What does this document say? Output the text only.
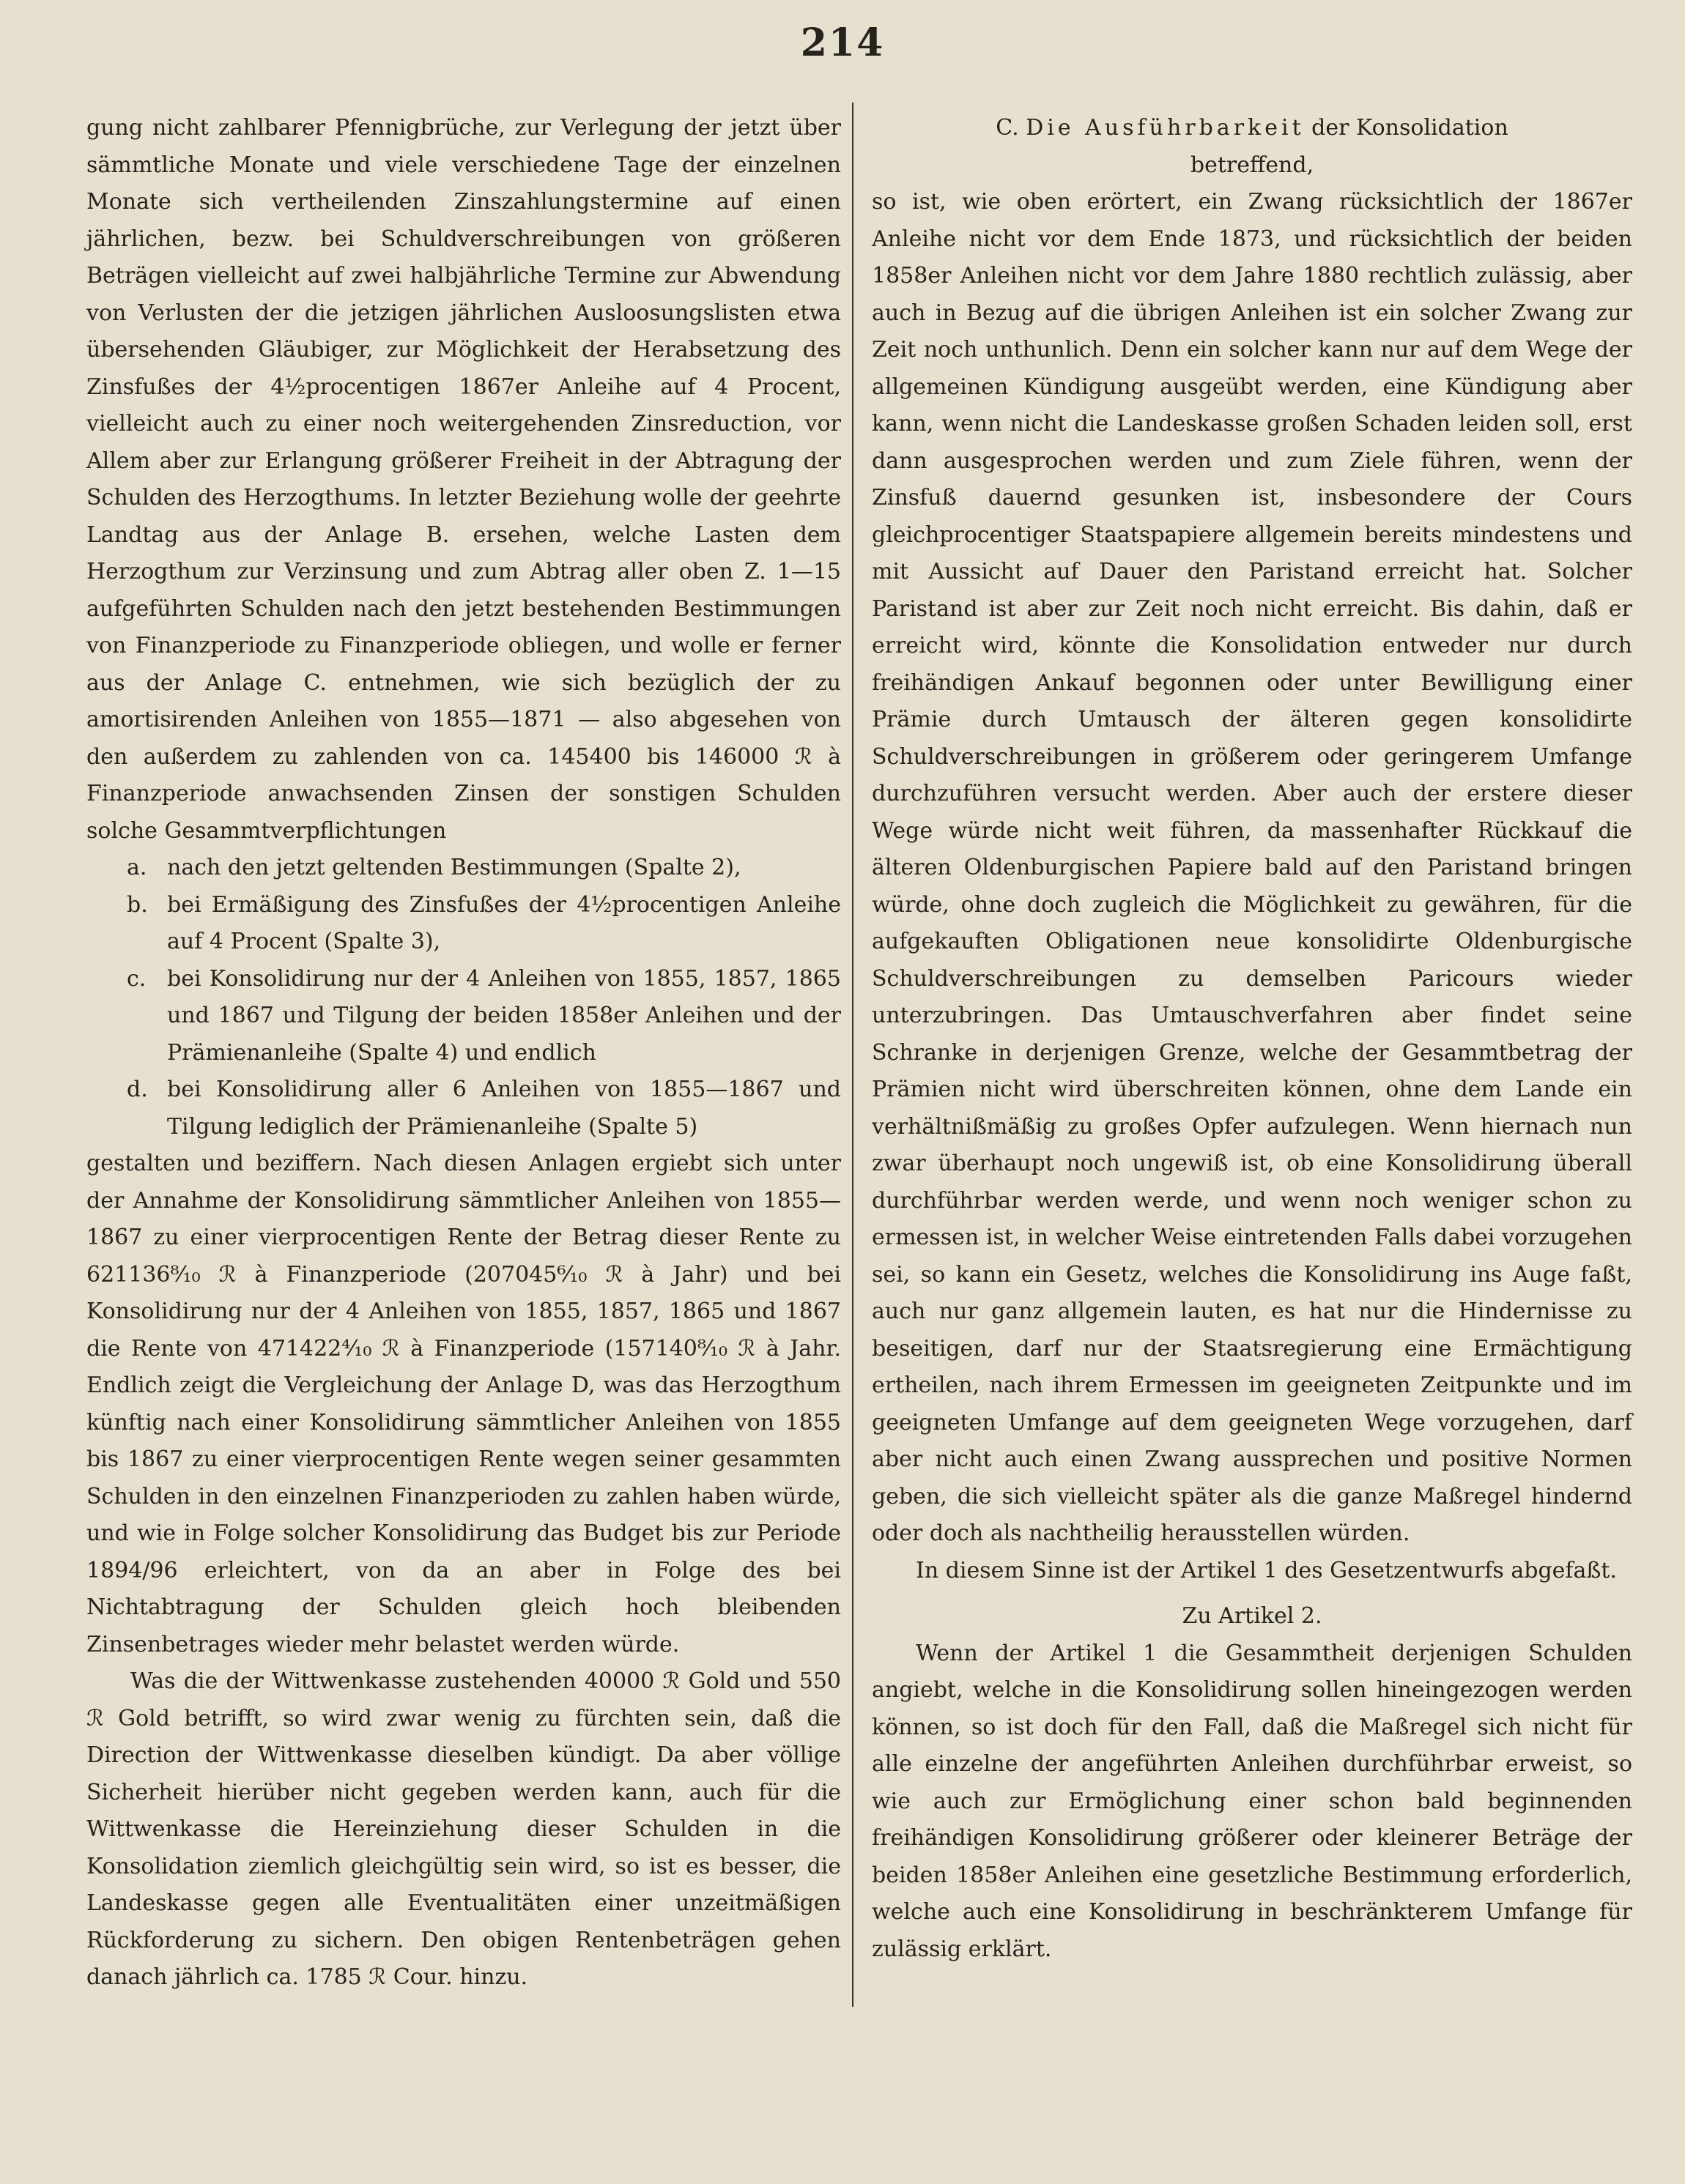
214

gung nicht zahlbarer Pfennigbrüche, zur Verlegung der jetzt über sämmtliche Monate und viele verschiedene Tage der einzelnen Monate sich vertheilenden Zinszahlungstermine auf einen jährlichen, bezw. bei Schuldverschreibungen von größeren Beträgen vielleicht auf zwei halbjährliche Termine zur Abwendung von Verlusten der die jetzigen jährlichen Ausloosungslisten etwa übersehenden Gläubiger, zur Möglichkeit der Herabsetzung des Zinsfußes der 4½procentigen 1867er Anleihe auf 4 Procent, vielleicht auch zu einer noch weitergehenden Zinsreduction, vor Allem aber zur Erlangung größerer Freiheit in der Abtragung der Schulden des Herzogthums. In letzter Beziehung wolle der geehrte Landtag aus der Anlage B. ersehen, welche Lasten dem Herzogthum zur Verzinsung und zum Abtrag aller oben Z. 1—15 aufgeführten Schulden nach den jetzt bestehenden Bestimmungen von Finanzperiode zu Finanzperiode obliegen, und wolle er ferner aus der Anlage C. entnehmen, wie sich bezüglich der zu amortisirenden Anleihen von 1855—1871 — also abgesehen von den außerdem zu zahlenden von ca. 145400 bis 146000 ℛ à Finanzperiode anwachsenden Zinsen der sonstigen Schulden solche Gesammtverpflichtungen

a. nach den jetzt geltenden Bestimmungen (Spalte 2),
b. bei Ermäßigung des Zinsfußes der 4½procentigen Anleihe auf 4 Procent (Spalte 3),
c. bei Konsolidirung nur der 4 Anleihen von 1855, 1857, 1865 und 1867 und Tilgung der beiden 1858er Anleihen und der Prämienanleihe (Spalte 4) und endlich
d. bei Konsolidirung aller 6 Anleihen von 1855—1867 und Tilgung lediglich der Prämienanleihe (Spalte 5)

gestalten und beziffern. Nach diesen Anlagen ergiebt sich unter der Annahme der Konsolidirung sämmtlicher Anleihen von 1855—1867 zu einer vierprocentigen Rente der Betrag dieser Rente zu 621136⁸⁄₁₀ ℛ à Finanzperiode (207045⁶⁄₁₀ ℛ à Jahr) und bei Konsolidirung nur der 4 Anleihen von 1855, 1857, 1865 und 1867 die Rente von 471422⁴⁄₁₀ ℛ à Finanzperiode (157140⁸⁄₁₀ ℛ à Jahr. Endlich zeigt die Vergleichung der Anlage D, was das Herzogthum künftig nach einer Konsolidirung sämmtlicher Anleihen von 1855 bis 1867 zu einer vierprocentigen Rente wegen seiner gesammten Schulden in den einzelnen Finanzperioden zu zahlen haben würde, und wie in Folge solcher Konsolidirung das Budget bis zur Periode 1894/96 erleichtert, von da an aber in Folge des bei Nichtabtragung der Schulden gleich hoch bleibenden Zinsenbetrages wieder mehr belastet werden würde.

Was die der Wittwenkasse zustehenden 40000 ℛ Gold und 550 ℛ Gold betrifft, so wird zwar wenig zu fürchten sein, daß die Direction der Wittwenkasse dieselben kündigt. Da aber völlige Sicherheit hierüber nicht gegeben werden kann, auch für die Wittwenkasse die Hereinziehung dieser Schulden in die Konsolidation ziemlich gleichgültig sein wird, so ist es besser, die Landeskasse gegen alle Eventualitäten einer unzeitmäßigen Rückforderung zu sichern. Den obigen Rentenbeträgen gehen danach jährlich ca. 1785 ℛ Cour. hinzu.

C. Die Ausführbarkeit der Konsolidation

betreffend,

so ist, wie oben erörtert, ein Zwang rücksichtlich der 1867er Anleihe nicht vor dem Ende 1873, und rücksichtlich der beiden 1858er Anleihen nicht vor dem Jahre 1880 rechtlich zulässig, aber auch in Bezug auf die übrigen Anleihen ist ein solcher Zwang zur Zeit noch unthunlich. Denn ein solcher kann nur auf dem Wege der allgemeinen Kündigung ausgeübt werden, eine Kündigung aber kann, wenn nicht die Landeskasse großen Schaden leiden soll, erst dann ausgesprochen werden und zum Ziele führen, wenn der Zinsfuß dauernd gesunken ist, insbesondere der Cours gleichprocentiger Staatspapiere allgemein bereits mindestens und mit Aussicht auf Dauer den Paristand erreicht hat. Solcher Paristand ist aber zur Zeit noch nicht erreicht. Bis dahin, daß er erreicht wird, könnte die Konsolidation entweder nur durch freihändigen Ankauf begonnen oder unter Bewilligung einer Prämie durch Umtausch der älteren gegen konsolidirte Schuldverschreibungen in größerem oder geringerem Umfange durchzuführen versucht werden. Aber auch der erstere dieser Wege würde nicht weit führen, da massenhafter Rückkauf die älteren Oldenburgischen Papiere bald auf den Paristand bringen würde, ohne doch zugleich die Möglichkeit zu gewähren, für die aufgekauften Obligationen neue konsolidirte Oldenburgische Schuldverschreibungen zu demselben Paricours wieder unterzubringen. Das Umtauschverfahren aber findet seine Schranke in derjenigen Grenze, welche der Gesammtbetrag der Prämien nicht wird überschreiten können, ohne dem Lande ein verhältnißmäßig zu großes Opfer aufzulegen. Wenn hiernach nun zwar überhaupt noch ungewiß ist, ob eine Konsolidirung überall durchführbar werden werde, und wenn noch weniger schon zu ermessen ist, in welcher Weise eintretenden Falls dabei vorzugehen sei, so kann ein Gesetz, welches die Konsolidirung ins Auge faßt, auch nur ganz allgemein lauten, es hat nur die Hindernisse zu beseitigen, darf nur der Staatsregierung eine Ermächtigung ertheilen, nach ihrem Ermessen im geeigneten Zeitpunkte und im geeigneten Umfange auf dem geeigneten Wege vorzugehen, darf aber nicht auch einen Zwang aussprechen und positive Normen geben, die sich vielleicht später als die ganze Maßregel hindernd oder doch als nachtheilig herausstellen würden.

In diesem Sinne ist der Artikel 1 des Gesetzentwurfs abgefaßt.

Zu Artikel 2.

Wenn der Artikel 1 die Gesammtheit derjenigen Schulden angiebt, welche in die Konsolidirung sollen hineingezogen werden können, so ist doch für den Fall, daß die Maßregel sich nicht für alle einzelne der angeführten Anleihen durchführbar erweist, so wie auch zur Ermöglichung einer schon bald beginnenden freihändigen Konsolidirung größerer oder kleinerer Beträge der beiden 1858er Anleihen eine gesetzliche Bestimmung erforderlich, welche auch eine Konsolidirung in beschränkterem Umfange für zulässig erklärt.
